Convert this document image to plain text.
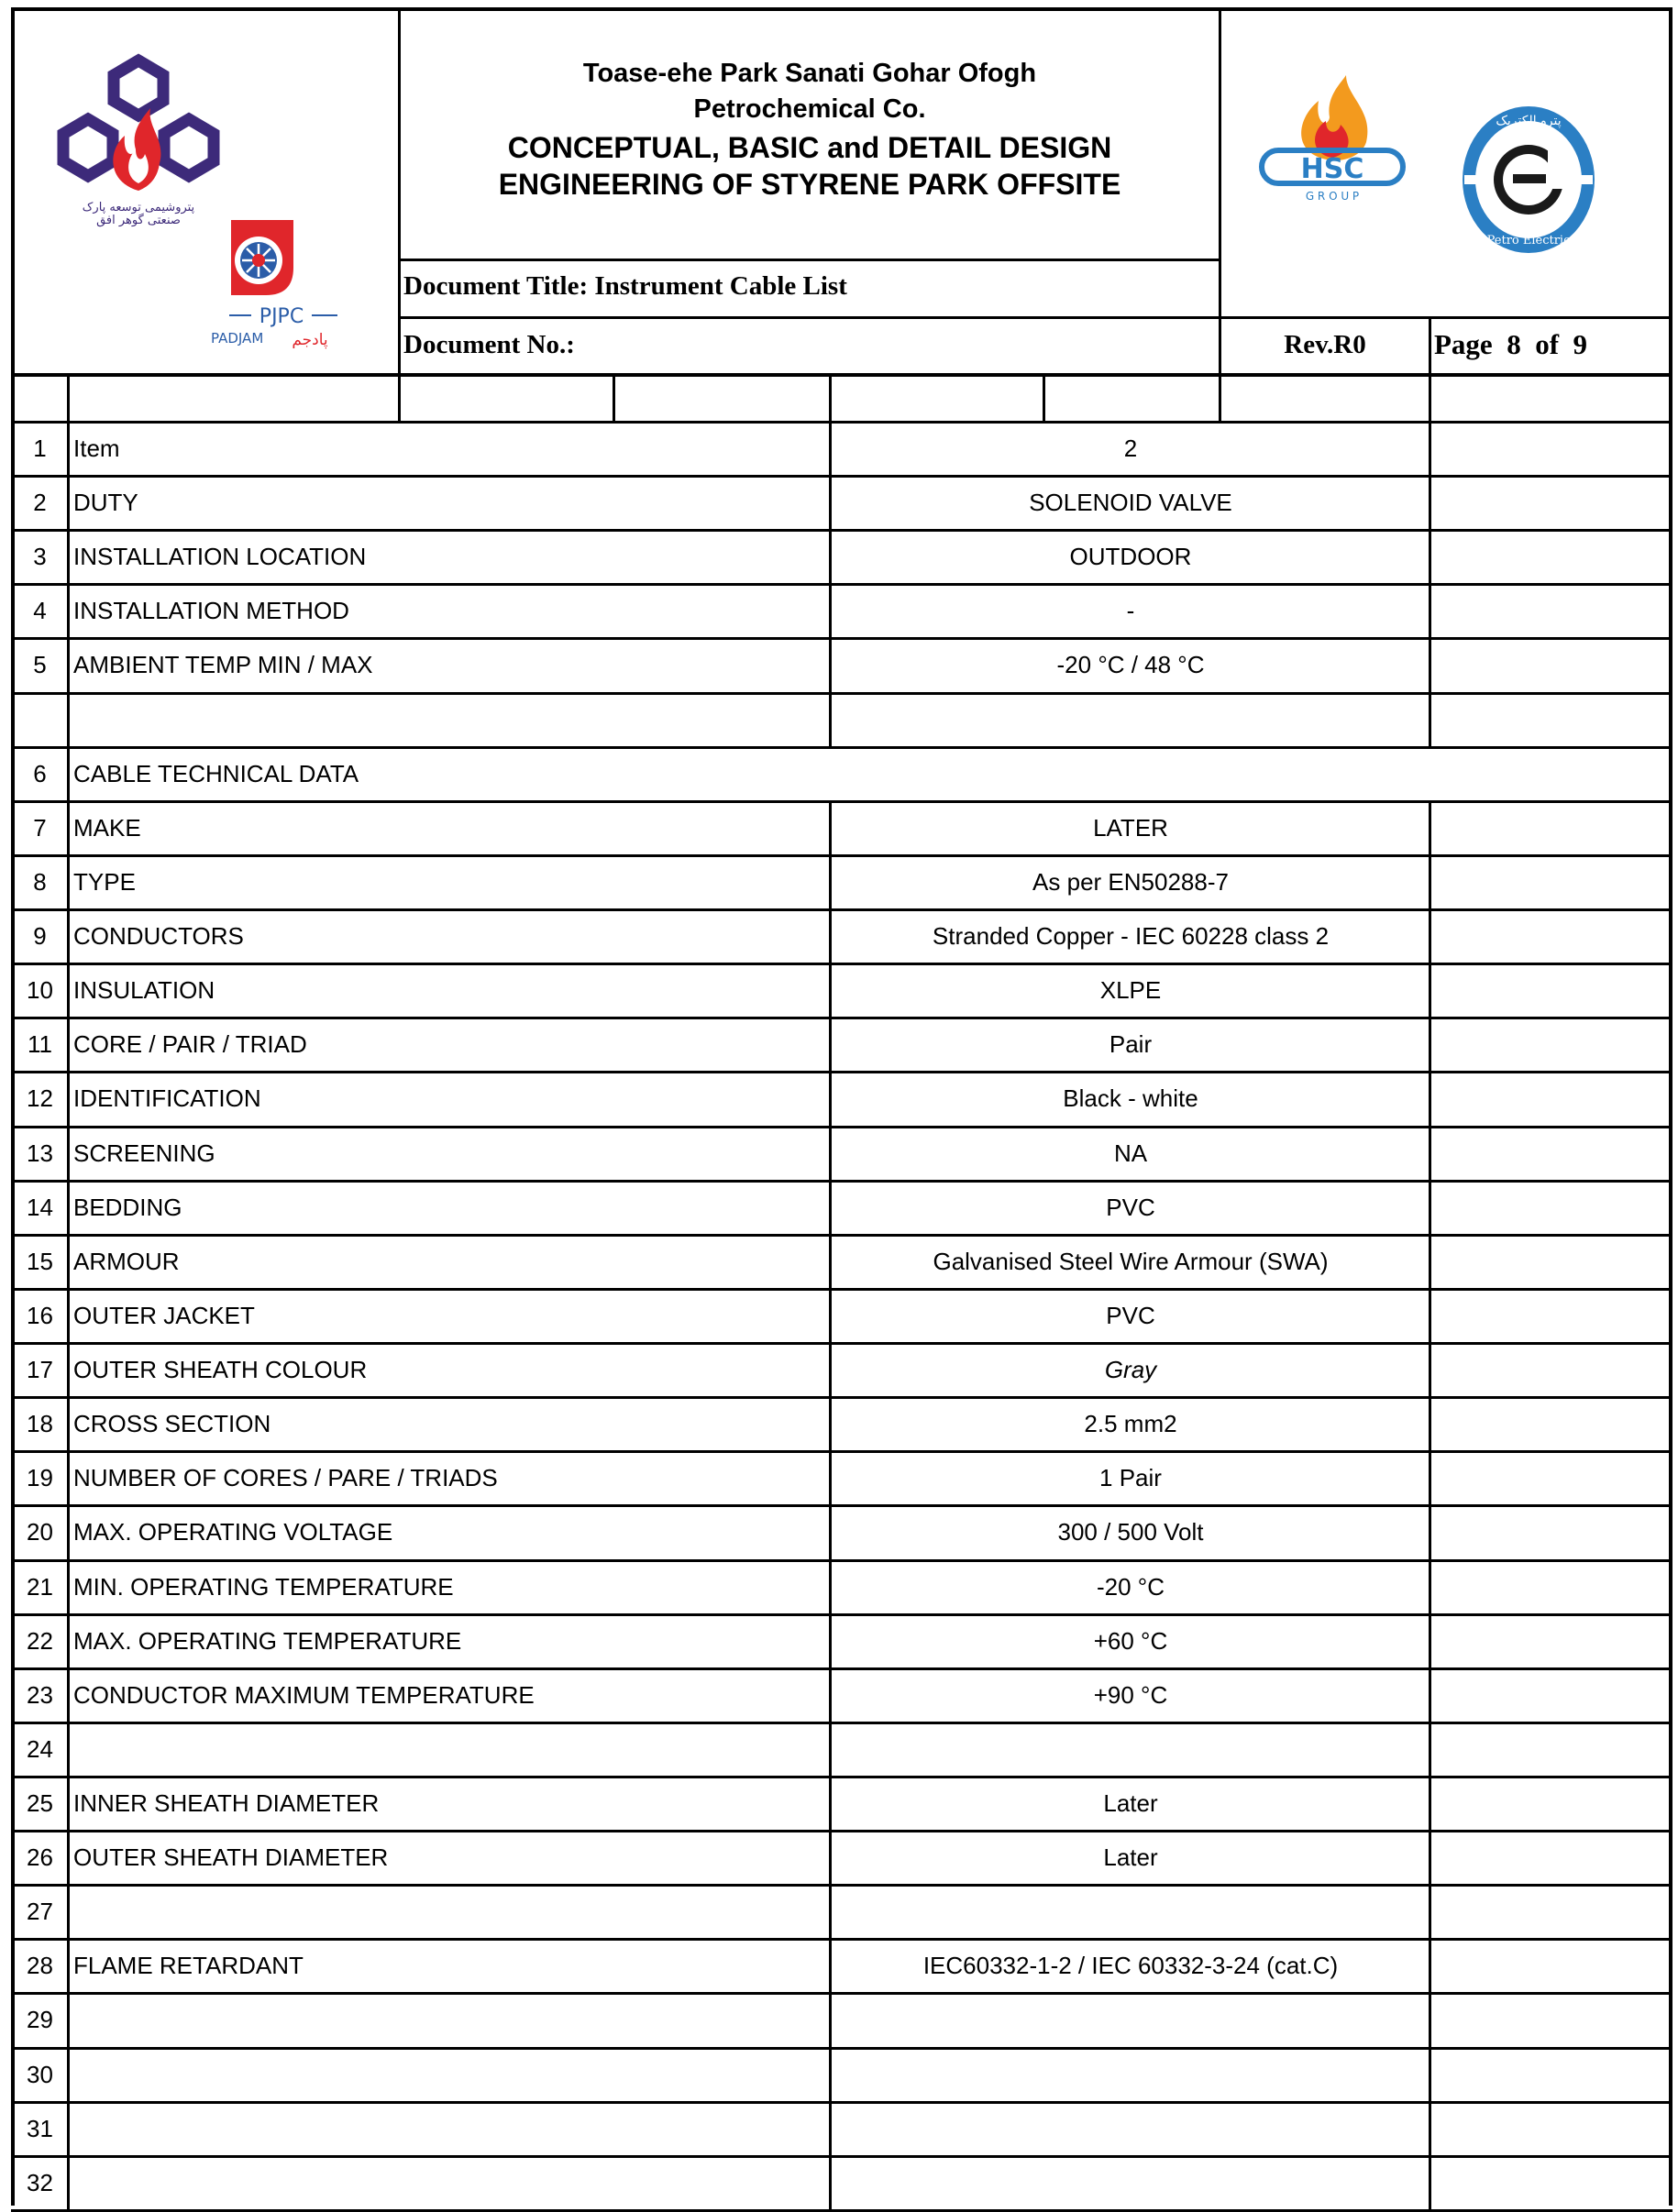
Toase-ehe Park Sanati Gohar Ofogh
Petrochemical Co.
CONCEPTUAL, BASIC and DETAIL DESIGN
ENGINEERING OF STYRENE PARK OFFSITE
Document Title: Instrument Cable List
Document No.:	Rev.R0	Page  8  of  9
پتروشیمی توسعه پارک
صنعتی گوهر افق
PJPC
PADJAM پادجم
HSC
G R O U P
پترو الکتریک
Petro Electric
1	Item	2
2	DUTY	SOLENOID VALVE
3	INSTALLATION LOCATION	OUTDOOR
4	INSTALLATION METHOD	-
5	AMBIENT TEMP MIN / MAX	-20 °C / 48 °C
6	CABLE TECHNICAL DATA
7	MAKE	LATER
8	TYPE	As per EN50288-7
9	CONDUCTORS	Stranded Copper - IEC 60228 class 2
10 INSULATION	XLPE
11 CORE / PAIR / TRIAD	Pair
12 IDENTIFICATION	Black - white
13 SCREENING	NA
14 BEDDING	PVC
15 ARMOUR	Galvanised Steel Wire Armour (SWA)
16 OUTER JACKET	PVC
17 OUTER SHEATH COLOUR	Gray
18 CROSS SECTION	2.5 mm2
19 NUMBER OF CORES / PARE / TRIADS	1 Pair
20 MAX. OPERATING VOLTAGE	300 / 500 Volt
21 MIN. OPERATING TEMPERATURE	-20 °C
22 MAX. OPERATING TEMPERATURE	+60 °C
23 CONDUCTOR MAXIMUM TEMPERATURE	+90 °C
24
25 INNER SHEATH DIAMETER	Later
26 OUTER SHEATH DIAMETER	Later
27
28 FLAME RETARDANT	IEC60332-1-2 / IEC 60332-3-24 (cat.C)
29
30
31
32
